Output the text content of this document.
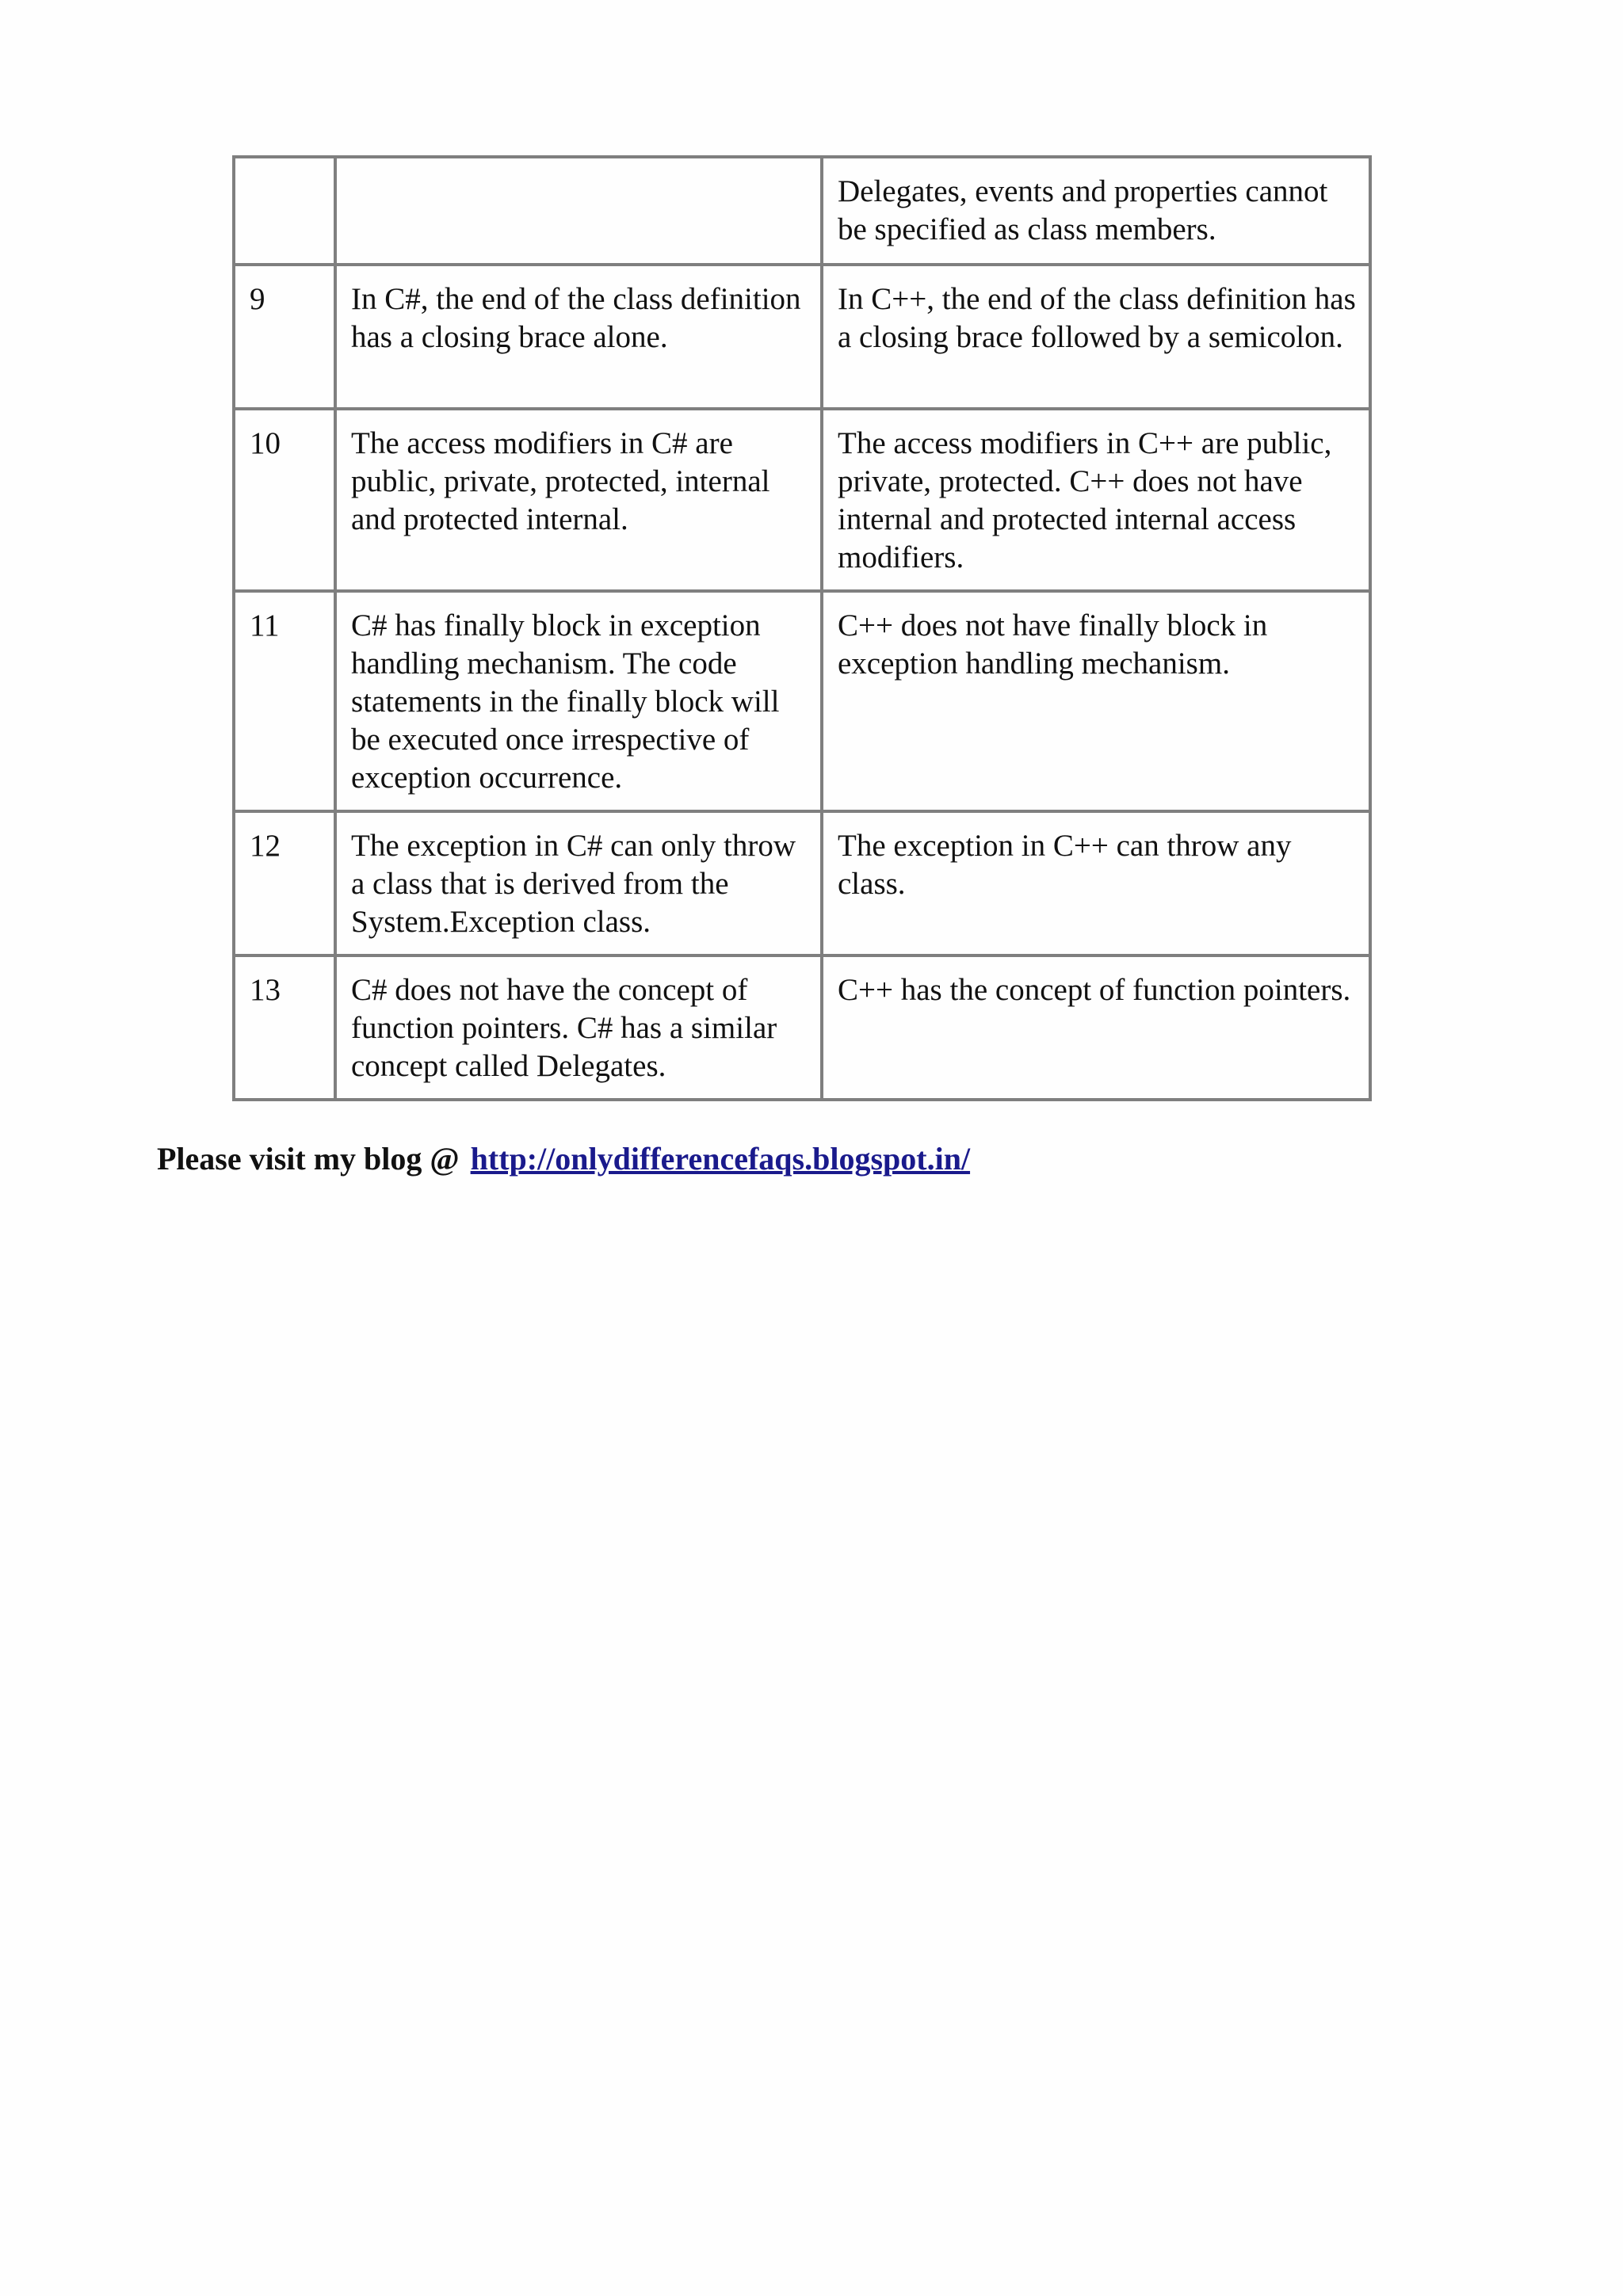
		Delegates, events and properties cannot be specified as class members.
9	In C#, the end of the class definition has a closing brace alone.	In C++, the end of the class definition has a closing brace followed by a semicolon.
10	The access modifiers in C# are public, private, protected, internal and protected internal.	The access modifiers in C++ are public, private, protected. C++ does not have internal and protected internal access modifiers.
11	C# has finally block in exception handling mechanism. The code statements in the finally block will be executed once irrespective of exception occurrence.	C++ does not have finally block in exception handling mechanism.
12	The exception in C# can only throw a class that is derived from the System.Exception class.	The exception in C++ can throw any class.
13	C# does not have the concept of function pointers. C# has a similar concept called Delegates.	C++ has the concept of function pointers.
Please visit my blog @ http://onlydifferencefaqs.blogspot.in/
